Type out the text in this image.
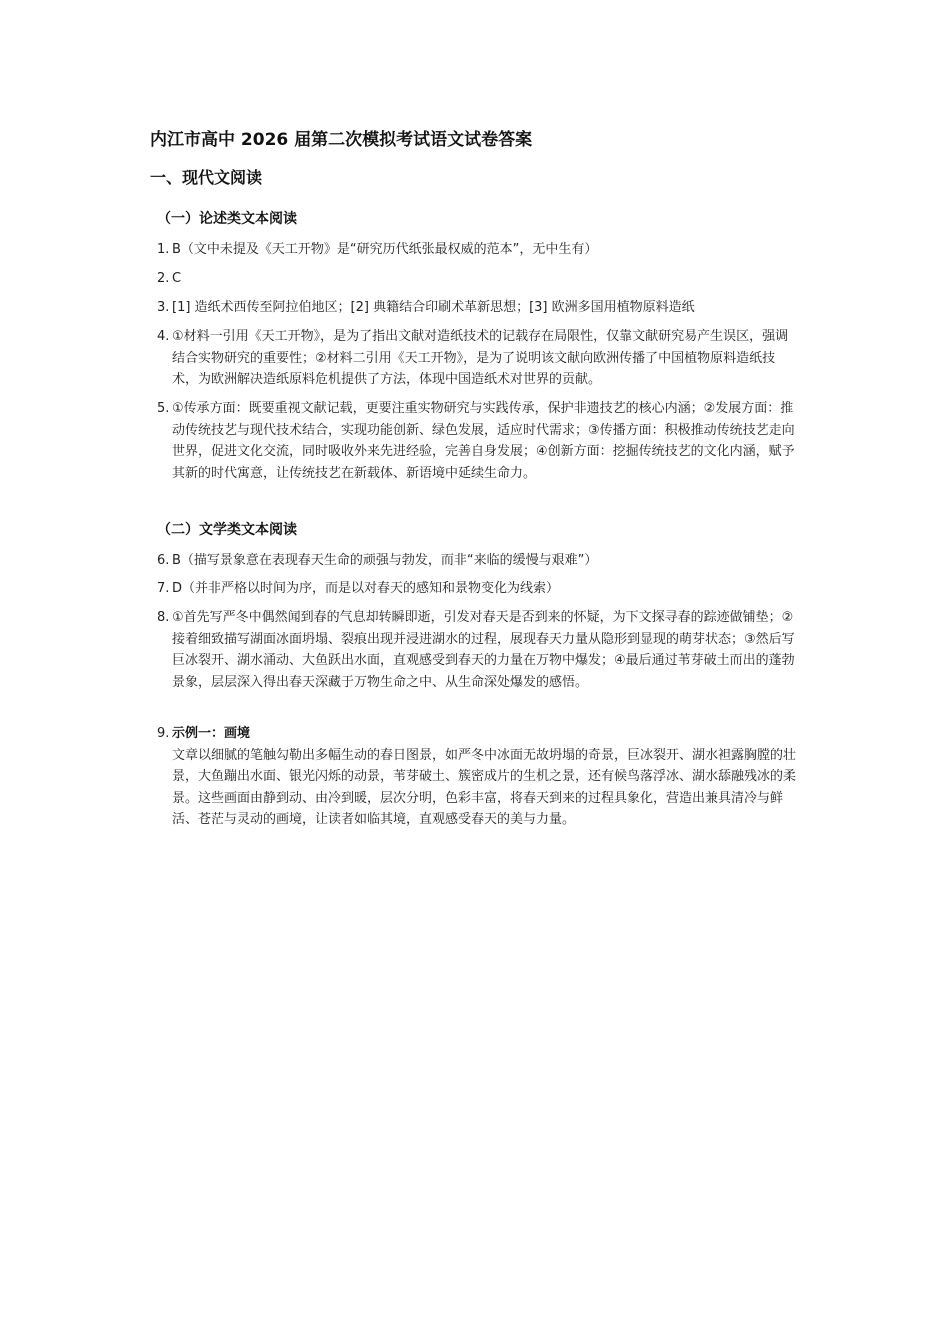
内江市高中 2026 届第二次模拟考试语文试卷答案
一、现代文阅读
（一）论述类文本阅读
1. B（文中未提及《天工开物》是“研究历代纸张最权威的范本”，无中生有）
2. C
3. [1] 造纸术西传至阿拉伯地区；[2] 典籍结合印刷术革新思想；[3] 欧洲多国用植物原料造纸
4. ①材料一引用《天工开物》，是为了指出文献对造纸技术的记载存在局限性，仅靠文献研究易产生误区，强调结合实物研究的重要性；②材料二引用《天工开物》，是为了说明该文献向欧洲传播了中国植物原料造纸技术，为欧洲解决造纸原料危机提供了方法，体现中国造纸术对世界的贡献。
5. ①传承方面：既要重视文献记载，更要注重实物研究与实践传承，保护非遗技艺的核心内涵；②发展方面：推动传统技艺与现代技术结合，实现功能创新、绿色发展，适应时代需求；③传播方面：积极推动传统技艺走向世界，促进文化交流，同时吸收外来先进经验，完善自身发展；④创新方面：挖掘传统技艺的文化内涵，赋予其新的时代寓意，让传统技艺在新载体、新语境中延续生命力。
（二）文学类文本阅读
6. B（描写景象意在表现春天生命的顽强与勃发，而非“来临的缓慢与艰难”）
7. D（并非严格以时间为序，而是以对春天的感知和景物变化为线索）
8. ①首先写严冬中偶然闻到春的气息却转瞬即逝，引发对春天是否到来的怀疑，为下文探寻春的踪迹做铺垫；②接着细致描写湖面冰面坍塌、裂痕出现并浸进湖水的过程，展现春天力量从隐形到显现的萌芽状态；③然后写巨冰裂开、湖水涌动、大鱼跃出水面，直观感受到春天的力量在万物中爆发；④最后通过苇芽破土而出的蓬勃景象，层层深入得出春天深藏于万物生命之中、从生命深处爆发的感悟。
9. 示例一：画境
文章以细腻的笔触勾勒出多幅生动的春日图景，如严冬中冰面无故坍塌的奇景，巨冰裂开、湖水袒露胸膛的壮景，大鱼蹦出水面、银光闪烁的动景，苇芽破土、簇密成片的生机之景，还有候鸟落浮冰、湖水舔融残冰的柔景。这些画面由静到动、由冷到暖，层次分明，色彩丰富，将春天到来的过程具象化，营造出兼具清冷与鲜活、苍茫与灵动的画境，让读者如临其境，直观感受春天的美与力量。
